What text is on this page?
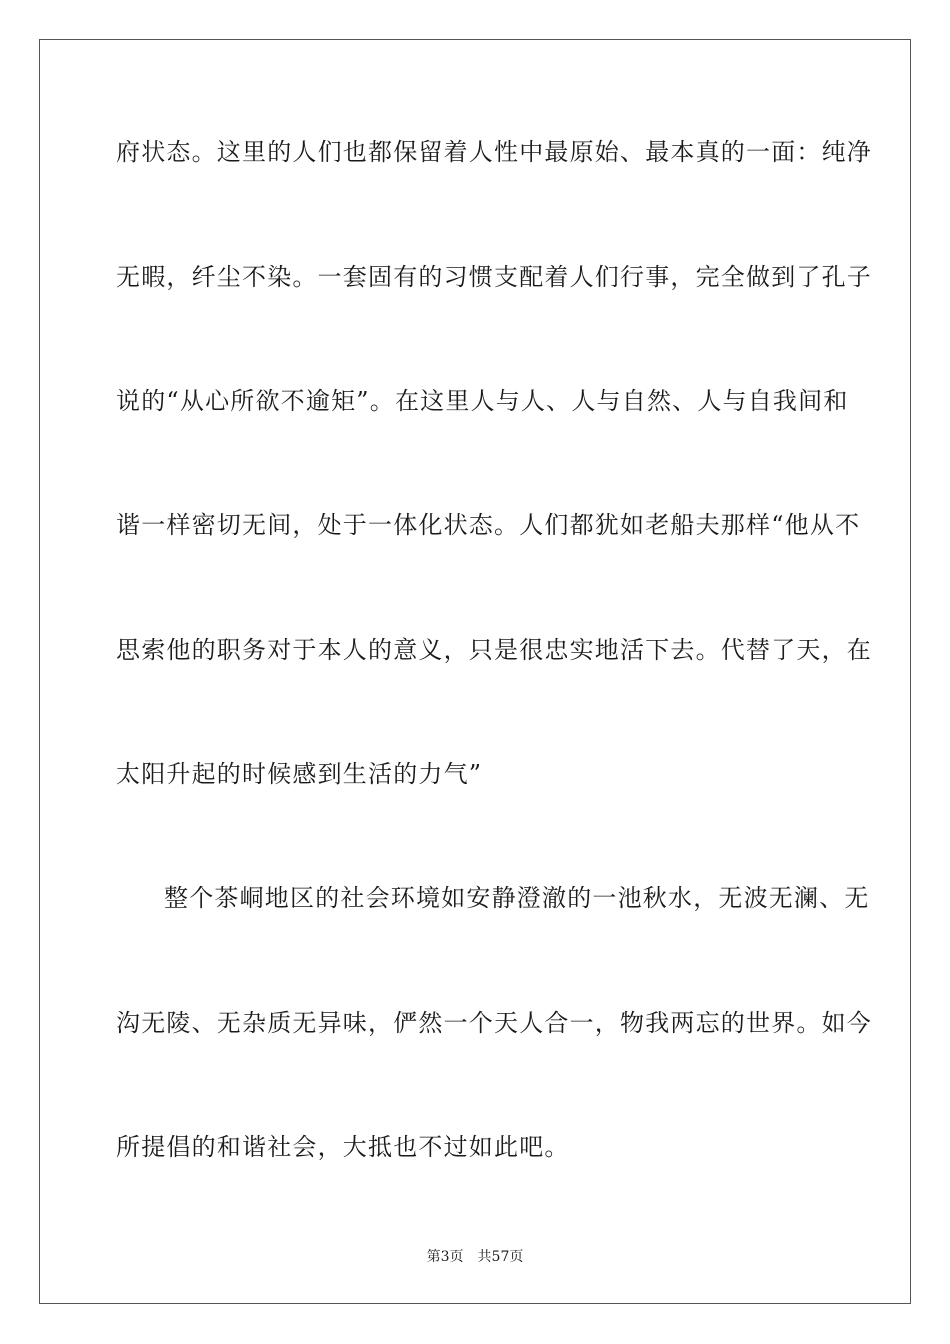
府状态。这里的人们也都保留着人性中最原始、最本真的一面：纯净
无暇，纤尘不染。一套固有的习惯支配着人们行事，完全做到了孔子
说的“从心所欲不逾矩”。在这里人与人、人与自然、人与自我间和
谐一样密切无间，处于一体化状态。人们都犹如老船夫那样“他从不
思索他的职务对于本人的意义，只是很忠实地活下去。代替了天，在
太阳升起的时候感到生活的力气”
整个茶峒地区的社会环境如安静澄澈的一池秋水，无波无澜、无
沟无陵、无杂质无异味，俨然一个天人合一，物我两忘的世界。如今
所提倡的和谐社会，大抵也不过如此吧。
第3页 共57页
